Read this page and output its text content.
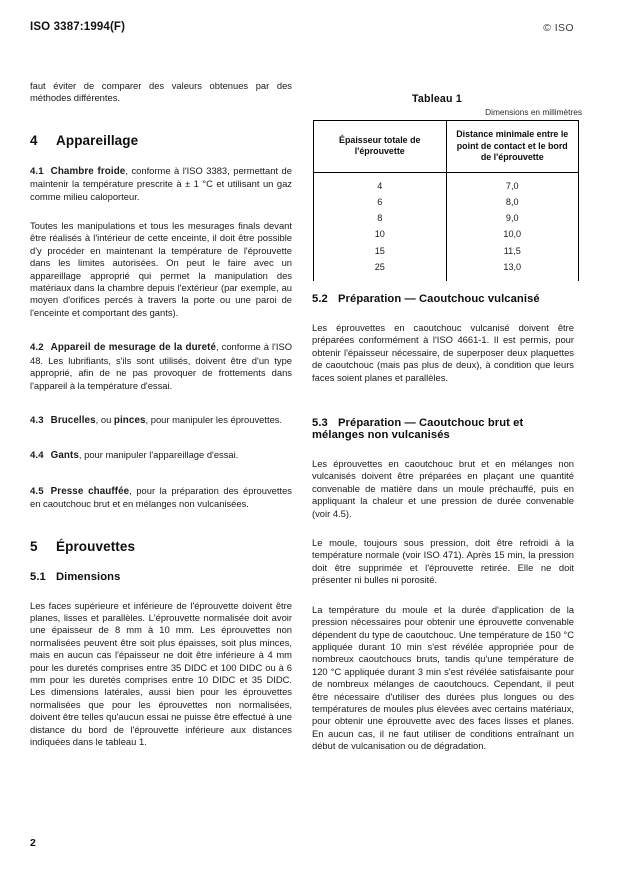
ISO 3387:1994(F)	© ISO

faut éviter de comparer des valeurs obtenues par des méthodes différentes.

4	Appareillage

4.1 Chambre froide, conforme à l'ISO 3383, permettant de maintenir la température prescrite à ± 1 °C et utilisant un gaz comme milieu caloporteur.

Toutes les manipulations et tous les mesurages finals devant être réalisés à l'intérieur de cette enceinte, il doit être possible d'y procéder en maintenant la température de l'éprouvette dans les limites autorisées. On peut le faire avec un appareillage approprié qui permet la manipulation des matériaux dans la chambre depuis l'extérieur (par exemple, au moyen d'orifices percés à travers la porte ou une paroi de l'enceinte et comportant des gants).

4.2 Appareil de mesurage de la dureté, conforme à l'ISO 48. Les lubrifiants, s'ils sont utilisés, doivent être d'un type approprié, afin de ne pas provoquer de frottements dans l'appareil à la température d'essai.

4.3 Brucelles, ou pinces, pour manipuler les éprouvettes.

4.4 Gants, pour manipuler l'appareillage d'essai.

4.5 Presse chauffée, pour la préparation des éprouvettes en caoutchouc brut et en mélanges non vulcanisées.

5	Éprouvettes
5.1 Dimensions

Les faces supérieure et inférieure de l'éprouvette doivent être planes, lisses et parallèles. L'éprouvette normalisée doit avoir une épaisseur de 8 mm à 10 mm. Les éprouvettes non normalisées peuvent être soit plus épaisses, soit plus minces, mais en aucun cas l'épaisseur ne doit être inférieure à 4 mm pour les duretés comprises entre 35 DIDC et 100 DIDC ou à 6 mm pour les duretés comprises entre 10 DIDC et 35 DIDC. Les dimensions latérales, aussi bien pour les éprouvettes normalisées que pour les éprouvettes non normalisées, doivent être telles qu'aucun essai ne puisse être effectué à une distance du bord de l'éprouvette inférieure aux distances indiquées dans le tableau 1.

Tableau 1
Dimensions en millimètres
Épaisseur totale de l'éprouvette	Distance minimale entre le point de contact et le bord de l'éprouvette
4	7,0
6	8,0
8	9,0
10	10,0
15	11,5
25	13,0
5.2 Préparation — Caoutchouc vulcanisé

Les éprouvettes en caoutchouc vulcanisé doivent être préparées conformément à l'ISO 4661-1. Il est permis, pour obtenir l'épaisseur nécessaire, de superposer deux plaquettes de caoutchouc (mais pas plus de deux), à condition que leurs faces soient planes et parallèles.

5.3 Préparation — Caoutchouc brut et
mélanges non vulcanisés

Les éprouvettes en caoutchouc brut et en mélanges non vulcanisés doivent être préparées en plaçant une quantité convenable de matière dans un moule préchauffé, puis en appliquant la chaleur et une pression de durée convenable (voir 4.5).

Le moule, toujours sous pression, doit être refroidi à la température normale (voir ISO 471). Après 15 min, la pression doit être supprimée et l'éprouvette retirée. Elle ne doit présenter ni bulles ni porosité.

La température du moule et la durée d'application de la pression nécessaires pour obtenir une éprouvette convenable dépendent du type de caoutchouc. Une température de 150 °C appliquée durant 10 min s'est révélée appropriée pour de nombreux caoutchoucs bruts, tandis qu'une température de 120 °C appliquée durant 3 min s'est révélée satisfaisante pour de nombreux mélanges de caoutchoucs. Cependant, il peut être nécessaire d'utiliser des durées plus longues ou des températures de moules plus élevées avec certains matériaux, pour obtenir une éprouvette avec des faces lisses et planes. En aucun cas, il ne faut utiliser de conditions entraînant un début de vulcanisation ou de dégradation.

2
